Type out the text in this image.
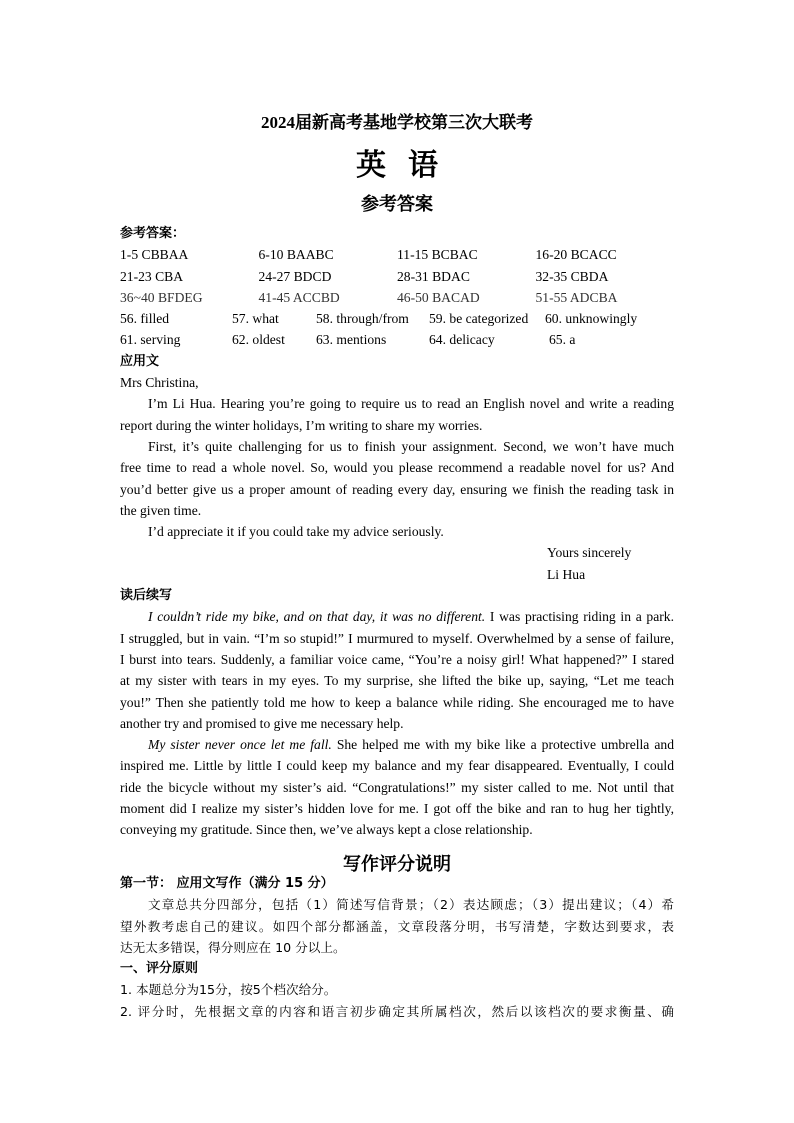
2024届新高考基地学校第三次大联考
英语
参考答案
参考答案：
1-5 CBBAA	6-10 BAABC	11-15 BCBAC	16-20 BCACC
21-23 CBA	24-27 BDCD	28-31 BDAC	32-35 CBDA
36~40 BFDEG	41-45 ACCBD	46-50 BACAD	51-55 ADCBA
56. filled	57. what	58. through/from	59. be categorized	60. unknowingly
61. serving	62. oldest	63. mentions	64. delicacy	65. a
应用文
Mrs Christina,
I’m Li Hua. Hearing you’re going to require us to read an English novel and write a reading
report during the winter holidays, I’m writing to share my worries.
First, it’s quite challenging for us to finish your assignment. Second, we won’t have much
free time to read a whole novel. So, would you please recommend a readable novel for us? And
you’d better give us a proper amount of reading every day, ensuring we finish the reading task in
the given time.
I’d appreciate it if you could take my advice seriously.
Yours sincerely
Li Hua
读后续写
I couldn’t ride my bike, and on that day, it was no different. I was practising riding in a park.
I struggled, but in vain. “I’m so stupid!” I murmured to myself. Overwhelmed by a sense of failure,
I burst into tears. Suddenly, a familiar voice came, “You’re a noisy girl! What happened?” I stared
at my sister with tears in my eyes. To my surprise, she lifted the bike up, saying, “Let me teach
you!” Then she patiently told me how to keep a balance while riding. She encouraged me to have
another try and promised to give me necessary help.
My sister never once let me fall. She helped me with my bike like a protective umbrella and
inspired me. Little by little I could keep my balance and my fear disappeared. Eventually, I could
ride the bicycle without my sister’s aid. “Congratulations!” my sister called to me. Not until that
moment did I realize my sister’s hidden love for me. I got off the bike and ran to hug her tightly,
conveying my gratitude. Since then, we’ve always kept a close relationship.
写作评分说明
第一节： 应用文写作（满分 15 分）
文章总共分四部分，包括（1）简述写信背景；（2）表达顾虑；（3）提出建议；（4）希
望外教考虑自己的建议。如四个部分都涵盖，文章段落分明，书写清楚，字数达到要求，表
达无太多错误，得分则应在 10 分以上。
一、评分原则
1. 本题总分为15分，按5个档次给分。
2. 评分时，先根据文章的内容和语言初步确定其所属档次，然后以该档次的要求衡量、确
